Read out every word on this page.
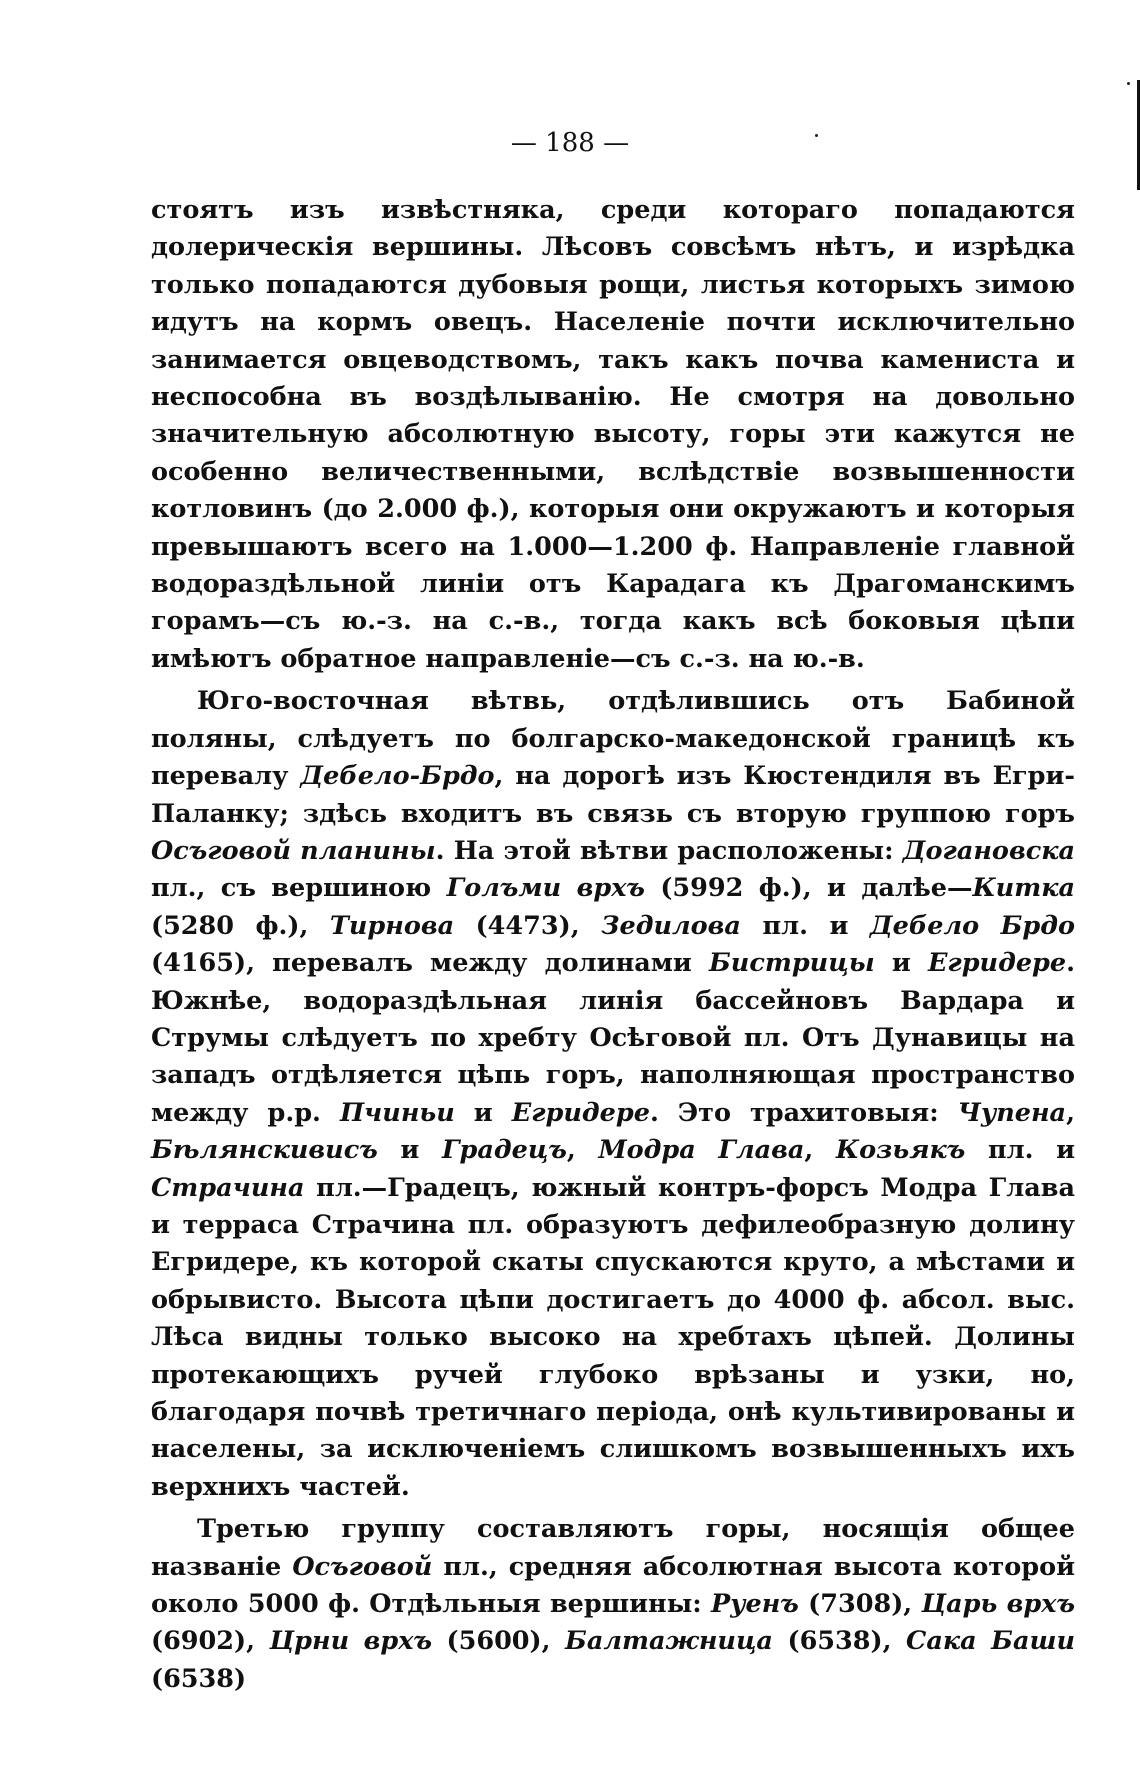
— 188 —

стоятъ изъ извѣстняка, среди котораго попадаются долерическія вершины. Лѣсовъ совсѣмъ нѣтъ, и изрѣдка только попадаются дубовыя рощи, листья которыхъ зимою идутъ на кормъ овецъ. Населеніе почти исключительно занимается овцеводствомъ, такъ какъ почва камениста и неспособна въ воздѣлыванію. Не смотря на довольно значительную абсолютную высоту, горы эти кажутся не особенно величественными, вслѣдствіе возвышенности котловинъ (до 2.000 ф.), которыя они окружаютъ и которыя превышаютъ всего на 1.000—1.200 ф. Направленіе главной водораздѣльной линіи отъ Карадага къ Драгоманскимъ горамъ—съ ю.-з. на с.-в., тогда какъ всѣ боковыя цѣпи имѣютъ обратное направленіе—съ с.-з. на ю.-в.

Юго-восточная вѣтвь, отдѣлившись отъ Бабиной поляны, слѣдуетъ по болгарско-македонской границѣ къ перевалу Дебело-Брдо, на дорогѣ изъ Кюстендиля въ Егри-Паланку; здѣсь входитъ въ связь съ вторую группою горъ Осъговой планины. На этой вѣтви расположены: Доганoвска пл., съ вершиною Голъми врхъ (5992 ф.), и далѣе—Китка (5280 ф.), Тирнова (4473), Зедилова пл. и Дебело Брдо (4165), перевалъ между долинами Бистрицы и Егридере. Южнѣе, водораздѣльная линія бассейновъ Вардара и Струмы слѣдуетъ по хребту Осѣговой пл. Отъ Дунавицы на западъ отдѣляется цѣпь горъ, наполняющая пространство между р.р. Пчиньи и Егридере. Это трахитовыя: Чупена, Бѣлянскивисъ и Градецъ, Модра Глава, Козьякъ пл. и Страчина пл.—Градецъ, южный контръ-форсъ Модра Глава и терраса Страчина пл. образуютъ дефилеобразную долину Егридере, къ которой скаты спускаются круто, а мѣстами и обрывисто. Высота цѣпи достигаетъ до 4000 ф. абсол. выс. Лѣса видны только высоко на хребтахъ цѣпей. Долины протекающихъ ручей глубоко врѣзаны и узки, но, благодаря почвѣ третичнаго періода, онѣ культивированы и населены, за исключеніемъ слишкомъ возвышенныхъ ихъ верхнихъ частей.

Третью группу составляютъ горы, носящія общее названіе Осъговой пл., средняя абсолютная высота которой около 5000 ф. Отдѣльныя вершины: Руенъ (7308), Царь врхъ (6902), Црни врхъ (5600), Балтажница (6538), Сака Баши (6538)
